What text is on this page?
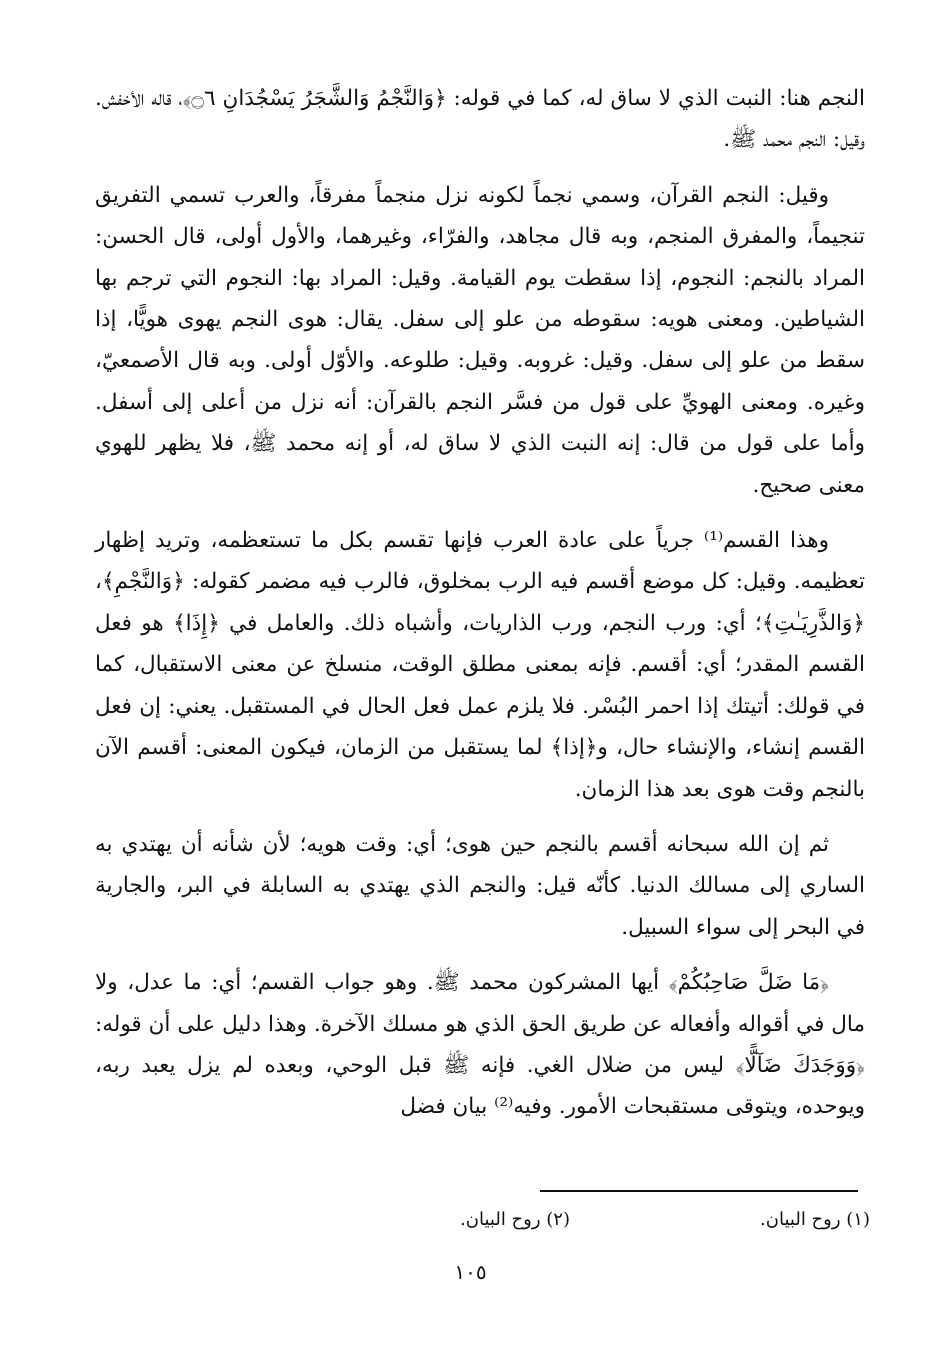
النجم هنا: النبت الذي لا ساق له، كما في قوله: ﴿وَالنَّجْمُ وَالشَّجَرُ يَسْجُدَانِ ۝٦﴾، قاله الأخفش. وقيل: النجم محمد ﷺ.

وقيل: النجم القرآن، وسمي نجماً لكونه نزل منجماً مفرقاً، والعرب تسمي التفريق تنجيماً، والمفرق المنجم، وبه قال مجاهد، والفرّاء، وغيرهما، والأول أولى، قال الحسن: المراد بالنجم: النجوم، إذا سقطت يوم القيامة. وقيل: المراد بها: النجوم التي ترجم بها الشياطين. ومعنى هويه: سقوطه من علو إلى سفل. يقال: هوى النجم يهوى هويًّا، إذا سقط من علو إلى سفل. وقيل: غروبه. وقيل: طلوعه. والأوّل أولى. وبه قال الأصمعيّ، وغيره. ومعنى الهويِّ على قول من فسَّر النجم بالقرآن: أنه نزل من أعلى إلى أسفل. وأما على قول من قال: إنه النبت الذي لا ساق له، أو إنه محمد ﷺ، فلا يظهر للهوي معنى صحيح.

وهذا القسم⁽¹⁾ جرياً على عادة العرب فإنها تقسم بكل ما تستعظمه، وتريد إظهار تعظيمه. وقيل: كل موضع أقسم فيه الرب بمخلوق، فالرب فيه مضمر كقوله: ﴿وَالنَّجْمِ﴾، ﴿وَالذَّرِيَـٰتِ﴾؛ أي: ورب النجم، ورب الذاريات، وأشباه ذلك. والعامل في ﴿إِذَا﴾ هو فعل القسم المقدر؛ أي: أقسم. فإنه بمعنى مطلق الوقت، منسلخ عن معنى الاستقبال، كما في قولك: أتيتك إذا احمر البُسْر. فلا يلزم عمل فعل الحال في المستقبل. يعني: إن فعل القسم إنشاء، والإنشاء حال، و﴿إذا﴾ لما يستقبل من الزمان، فيكون المعنى: أقسم الآن بالنجم وقت هوى بعد هذا الزمان.

ثم إن الله سبحانه أقسم بالنجم حين هوى؛ أي: وقت هويه؛ لأن شأنه أن يهتدي به الساري إلى مسالك الدنيا. كأنّه قيل: والنجم الذي يهتدي به السابلة في البر، والجارية في البحر إلى سواء السبيل.

﴿مَا ضَلَّ صَاحِبُكُمْ﴾ أيها المشركون محمد ﷺ. وهو جواب القسم؛ أي: ما عدل، ولا مال في أقواله وأفعاله عن طريق الحق الذي هو مسلك الآخرة. وهذا دليل على أن قوله: ﴿وَوَجَدَكَ ضَآلًّا﴾ ليس من ضلال الغي. فإنه ﷺ قبل الوحي، وبعده لم يزل يعبد ربه، ويوحده، ويتوقى مستقبحات الأمور. وفيه⁽²⁾ بيان فضل

(١) روح البيان.
(٢) روح البيان.
١٠٥
